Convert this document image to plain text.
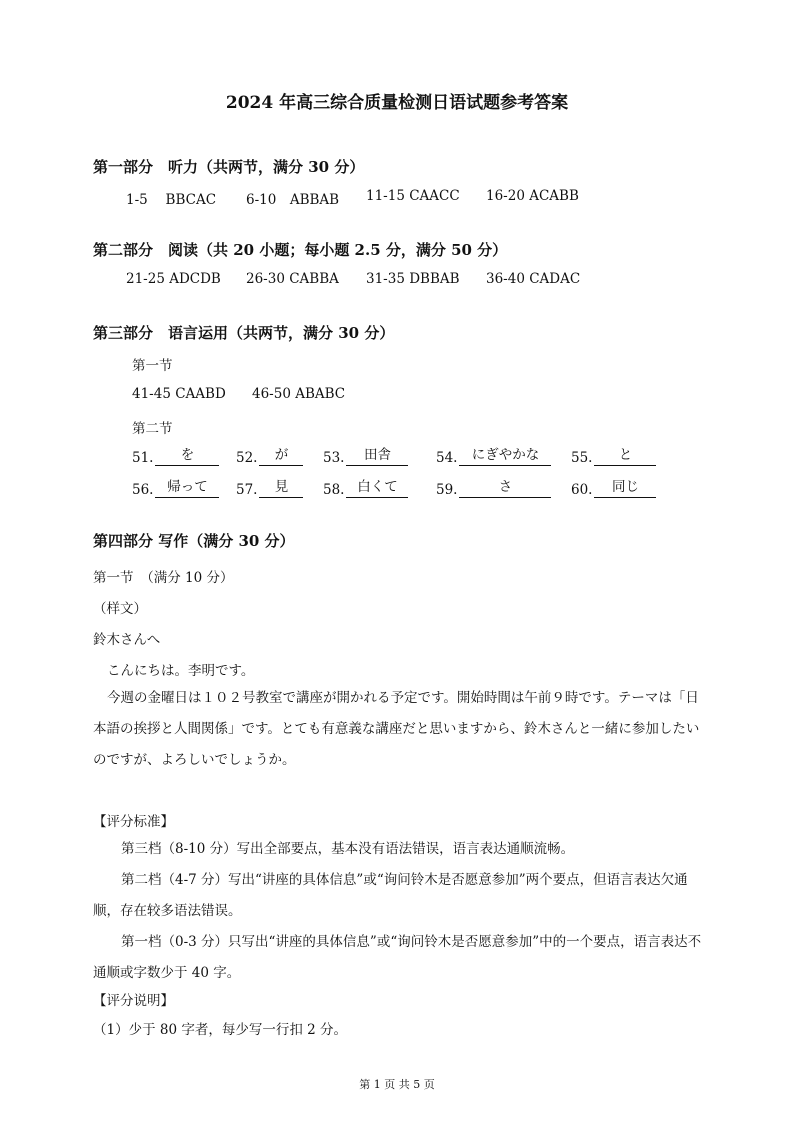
2024 年高三综合质量检测日语试题参考答案
第一部分　听力（共两节，满分 30 分）
1-5　 BBCAC 6-10　ABBAB 11-15 CAACC 16-20 ACABB
第二部分　阅读（共 20 小题；每小题 2.5 分，满分 50 分）
21-25 ADCDB 26-30 CABBA 31-35 DBBAB 36-40 CADAC
第三部分　语言运用（共两节，满分 30 分）
第一节
41-45 CAABD 46-50 ABABC
第二节
51.	を	52.	が	53.	田舎	54.	にぎやかな	55.	と
56.	帰って	57.	見	58. 白くて	59.	さ	60.	同じ
第四部分 写作（满分 30 分）
第一节　（满分 10 分）
（样文）
鈴木さんへ
こんにちは。李明です。
今週の金曜日は１０２号教室で講座が開かれる予定です。開始時間は午前９時です。テーマは「日本語の挨拶と人間関係」です。とても有意義な講座だと思いますから、鈴木さんと一緒に参加したいのですが、よろしいでしょうか。
【评分标准】
第三档（8-10 分）写出全部要点，基本没有语法错误，语言表达通顺流畅。
第二档（4-7 分）写出“讲座的具体信息”或“询问铃木是否愿意参加”两个要点，但语言表达欠通顺，存在较多语法错误。
第一档（0-3 分）只写出“讲座的具体信息”或“询问铃木是否愿意参加”中的一个要点，语言表达不通顺或字数少于 40 字。
【评分说明】
（1）少于 80 字者，每少写一行扣 2 分。
第 1 页 共 5 页
